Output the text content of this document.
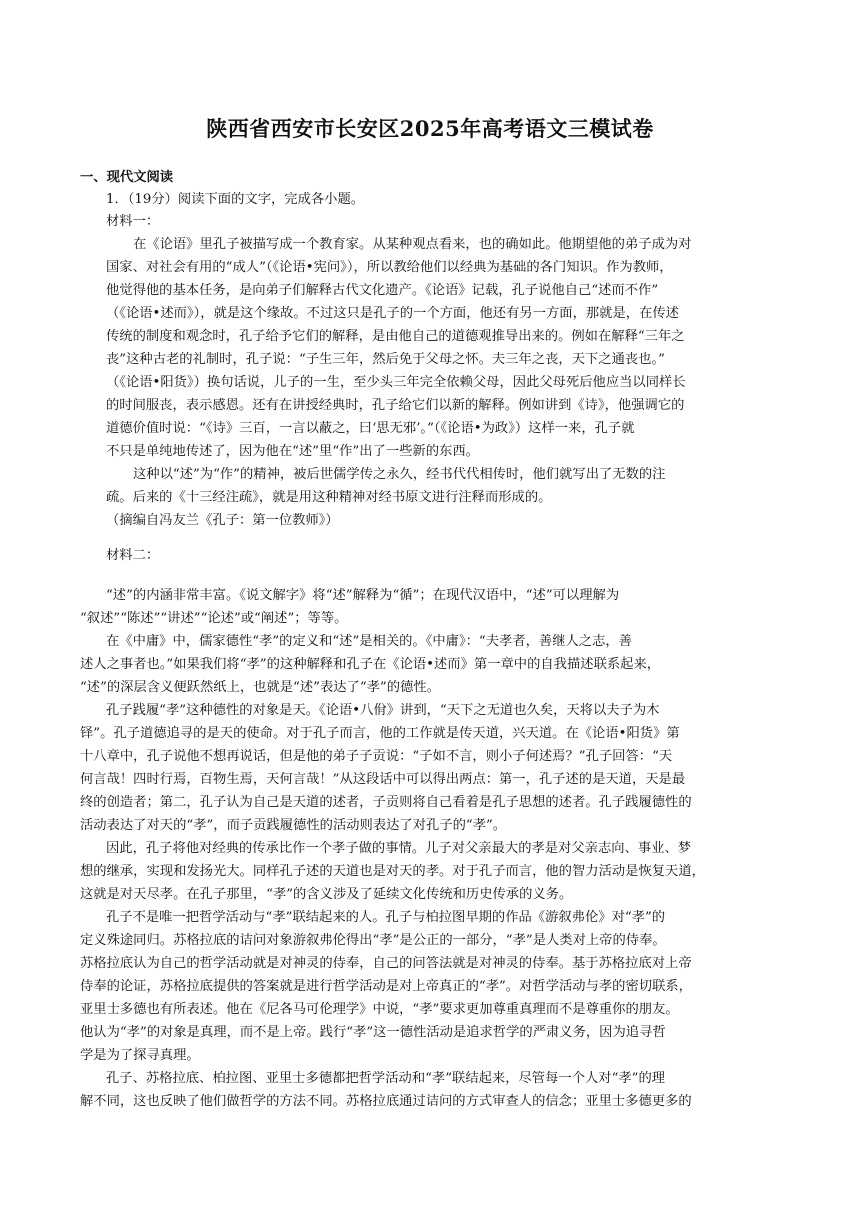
陕西省西安市长安区2025年高考语文三模试卷

一、现代文阅读

1．（19分）阅读下面的文字，完成各小题。

材料一：

在《论语》里孔子被描写成一个教育家。从某种观点看来，也的确如此。他期望他的弟子成为对

国家、对社会有用的“成人”（《论语•宪问》），所以教给他们以经典为基础的各门知识。作为教师，

他觉得他的基本任务，是向弟子们解释古代文化遗产。《论语》记载，孔子说他自己“述而不作”

（《论语•述而》），就是这个缘故。不过这只是孔子的一个方面，他还有另一方面，那就是，在传述

传统的制度和观念时，孔子给予它们的解释，是由他自己的道德观推导出来的。例如在解释“三年之

丧”这种古老的礼制时，孔子说：“子生三年，然后免于父母之怀。夫三年之丧，天下之通丧也。”

（《论语•阳货》）换句话说，儿子的一生，至少头三年完全依赖父母，因此父母死后他应当以同样长

的时间服丧，表示感恩。还有在讲授经典时，孔子给它们以新的解释。例如讲到《诗》，他强调它的

道德价值时说：“《诗》三百，一言以蔽之，曰‘思无邪’。”（《论语•为政》）这样一来，孔子就

不只是单纯地传述了，因为他在“述”里“作”出了一些新的东西。

这种以“述”为“作”的精神，被后世儒学传之永久，经书代代相传时，他们就写出了无数的注

疏。后来的《十三经注疏》，就是用这种精神对经书原文进行注释而形成的。

（摘编自冯友兰《孔子：第一位教师》）

材料二：

“述”的内涵非常丰富。《说文解字》将“述”解释为“循”；在现代汉语中，“述”可以理解为

“叙述”“陈述”“讲述”“论述”或“阐述”；等等。

在《中庸》中，儒家德性“孝”的定义和“述”是相关的。《中庸》：“夫孝者，善继人之志，善

述人之事者也。”如果我们将“孝”的这种解释和孔子在《论语•述而》第一章中的自我描述联系起来，

“述”的深层含义便跃然纸上，也就是“述”表达了“孝”的德性。

孔子践履“孝”这种德性的对象是天。《论语•八佾》讲到，“天下之无道也久矣，天将以夫子为木

铎”。孔子道德追寻的是天的使命。对于孔子而言，他的工作就是传天道，兴天道。在《论语•阳货》第

十八章中，孔子说他不想再说话，但是他的弟子子贡说：“子如不言，则小子何述焉？”孔子回答：“天

何言哉！四时行焉，百物生焉，天何言哉！”从这段话中可以得出两点：第一，孔子述的是天道，天是最

终的创造者；第二，孔子认为自己是天道的述者，子贡则将自己看着是孔子思想的述者。孔子践履德性的

活动表达了对天的“孝”，而子贡践履德性的活动则表达了对孔子的“孝”。

因此，孔子将他对经典的传承比作一个孝子做的事情。儿子对父亲最大的孝是对父亲志向、事业、梦

想的继承，实现和发扬光大。同样孔子述的天道也是对天的孝。对于孔子而言，他的智力活动是恢复天道，

这就是对天尽孝。在孔子那里，“孝”的含义涉及了延续文化传统和历史传承的义务。

孔子不是唯一把哲学活动与“孝”联结起来的人。孔子与柏拉图早期的作品《游叙弗伦》对“孝”的

定义殊途同归。苏格拉底的诘问对象游叙弗伦得出“孝”是公正的一部分，“孝”是人类对上帝的侍奉。

苏格拉底认为自己的哲学活动就是对神灵的侍奉，自己的问答法就是对神灵的侍奉。基于苏格拉底对上帝

侍奉的论证，苏格拉底提供的答案就是进行哲学活动是对上帝真正的“孝”。对哲学活动与孝的密切联系，

亚里士多德也有所表述。他在《尼各马可伦理学》中说，“孝”要求更加尊重真理而不是尊重你的朋友。

他认为“孝”的对象是真理，而不是上帝。践行“孝”这一德性活动是追求哲学的严肃义务，因为追寻哲

学是为了探寻真理。

孔子、苏格拉底、柏拉图、亚里士多德都把哲学活动和“孝”联结起来，尽管每一个人对“孝”的理

解不同，这也反映了他们做哲学的方法不同。苏格拉底通过诘问的方式审查人的信念；亚里士多德更多的
